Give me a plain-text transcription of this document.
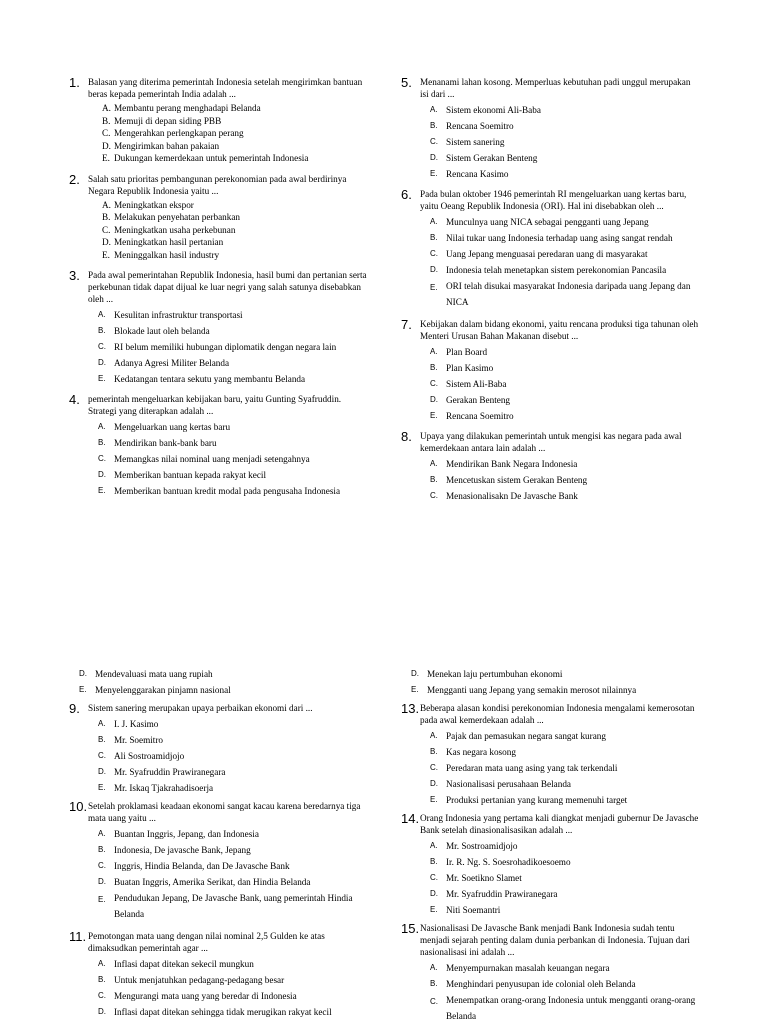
1. Balasan yang diterima pemerintah Indonesia setelah mengirimkan bantuan beras kepada pemerintah India adalah ...
A. Membantu perang menghadapi Belanda
B. Memuji di depan siding PBB
C. Mengerahkan perlengkapan perang
D. Mengirimkan bahan pakaian
E. Dukungan kemerdekaan untuk pemerintah Indonesia
2. Salah satu prioritas pembangunan perekonomian pada awal berdirinya Negara Republik Indonesia yaitu ...
A. Meningkatkan ekspor
B. Melakukan penyehatan perbankan
C. Meningkatkan usaha perkebunan
D. Meningkatkan hasil pertanian
E. Meninggalkan hasil industry
3. Pada awal pemerintahan Republik Indonesia, hasil bumi dan pertanian serta perkebunan tidak dapat dijual ke luar negri yang salah satunya disebabkan oleh ...
A. Kesulitan infrastruktur transportasi
B. Blokade laut oleh belanda
C. RI belum memiliki hubungan diplomatik dengan negara lain
D. Adanya Agresi Militer Belanda
E. Kedatangan tentara sekutu yang membantu Belanda
4. pemerintah mengeluarkan kebijakan baru, yaitu Gunting Syafruddin. Strategi yang diterapkan adalah ...
A. Mengeluarkan uang kertas baru
B. Mendirikan bank-bank baru
C. Memangkas nilai nominal uang menjadi setengahnya
D. Memberikan bantuan kepada rakyat kecil
E. Memberikan bantuan kredit modal pada pengusaha Indonesia
5. Menanami lahan kosong. Memperluas kebutuhan padi unggul merupakan isi dari ...
A. Sistem ekonomi Ali-Baba
B. Rencana Soemitro
C. Sistem sanering
D. Sistem Gerakan Benteng
E. Rencana Kasimo
6. Pada bulan oktober 1946 pemerintah RI mengeluarkan uang kertas baru, yaitu Oeang Republik Indonesia (ORI). Hal ini disebabkan oleh ...
A. Munculnya uang NICA sebagai pengganti uang Jepang
B. Nilai tukar uang Indonesia terhadap uang asing sangat rendah
C. Uang Jepang menguasai peredaran uang di masyarakat
D. Indonesia telah menetapkan sistem perekonomian Pancasila
E. ORI telah disukai masyarakat Indonesia daripada uang Jepang dan NICA
7. Kebijakan dalam bidang ekonomi, yaitu rencana produksi tiga tahunan oleh Menteri Urusan Bahan Makanan disebut ...
A. Plan Board
B. Plan Kasimo
C. Sistem Ali-Baba
D. Gerakan Benteng
E. Rencana Soemitro
8. Upaya yang dilakukan pemerintah untuk mengisi kas negara pada awal kemerdekaan antara lain adalah ...
A. Mendirikan Bank Negara Indonesia
B. Mencetuskan sistem Gerakan Benteng
C. Menasionalisakn De Javasche Bank
D. Mendevaluasi mata uang rupiah
E. Menyelenggarakan pinjamn nasional
9. Sistem sanering merupakan upaya perbaikan ekonomi dari ...
A. I. J. Kasimo
B. Mr. Soemitro
C. Ali Sostroamidjojo
D. Mr. Syafruddin Prawiranegara
E. Mr. Iskaq Tjakrahadisoerja
10. Setelah proklamasi keadaan ekonomi sangat kacau karena beredarnya tiga mata uang yaitu ...
A. Buantan Inggris, Jepang, dan Indonesia
B. Indonesia, De javasche Bank, Jepang
C. Inggris, Hindia Belanda, dan De Javasche Bank
D. Buatan Inggris, Amerika Serikat, dan Hindia Belanda
E. Pendudukan Jepang, De Javasche Bank, uang pemerintah Hindia Belanda
11. Pemotongan mata uang dengan nilai nominal 2,5 Gulden ke atas dimaksudkan pemerintah agar ...
A. Inflasi dapat ditekan sekecil mungkun
B. Untuk menjatuhkan pedagang-pedagang besar
C. Mengurangi mata uang yang beredar di Indonesia
D. Inflasi dapat ditekan sehingga tidak merugikan rakyat kecil
D. Menekan laju pertumbuhan ekonomi
E. Mengganti uang Jepang yang semakin merosot nilainnya
13. Beberapa alasan kondisi perekonomian Indonesia mengalami kemerosotan pada awal kemerdekaan adalah ...
A. Pajak dan pemasukan negara sangat kurang
B. Kas negara kosong
C. Peredaran mata uang asing yang tak terkendali
D. Nasionalisasi perusahaan Belanda
E. Produksi pertanian yang kurang memenuhi target
14. Orang Indonesia yang pertama kali diangkat menjadi gubernur De Javasche Bank setelah dinasionalisasikan adalah ...
A. Mr. Sostroamidjojo
B. Ir. R. Ng. S. Soesrohadikoesoemo
C. Mr. Soetikno Slamet
D. Mr. Syafruddin Prawiranegara
E. Niti Soemantri
15. Nasionalisasi De Javasche Bank menjadi Bank Indonesia sudah tentu menjadi sejarah penting dalam dunia perbankan di Indonesia. Tujuan dari nasionalisasi ini adalah ...
A. Menyempurnakan masalah keuangan negara
B. Menghindari penyusupan ide colonial oleh Belanda
C. Menempatkan orang-orang Indonesia untuk mengganti orang-orang Belanda
